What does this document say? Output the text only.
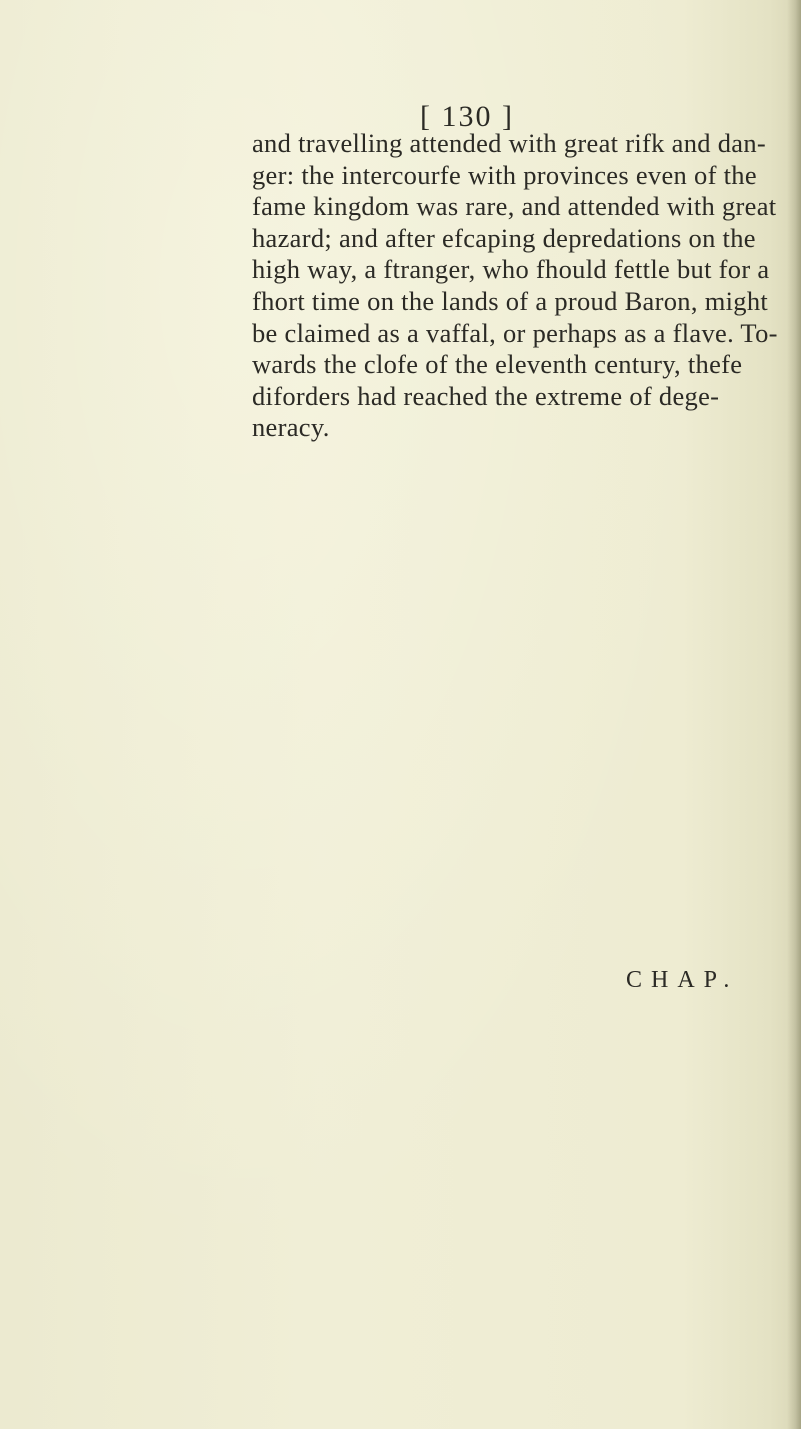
[ 130 ]
and travelling attended with great rifk and dan-
ger: the intercourfe with provinces even of the
fame kingdom was rare, and attended with great
hazard; and after efcaping depredations on the
high way, a ftranger, who fhould fettle but for a
fhort time on the lands of a proud Baron, might
be claimed as a vaffal, or perhaps as a flave. To-
wards the clofe of the eleventh century, thefe
diforders had reached the extreme of dege-
neracy.
CHAP.
